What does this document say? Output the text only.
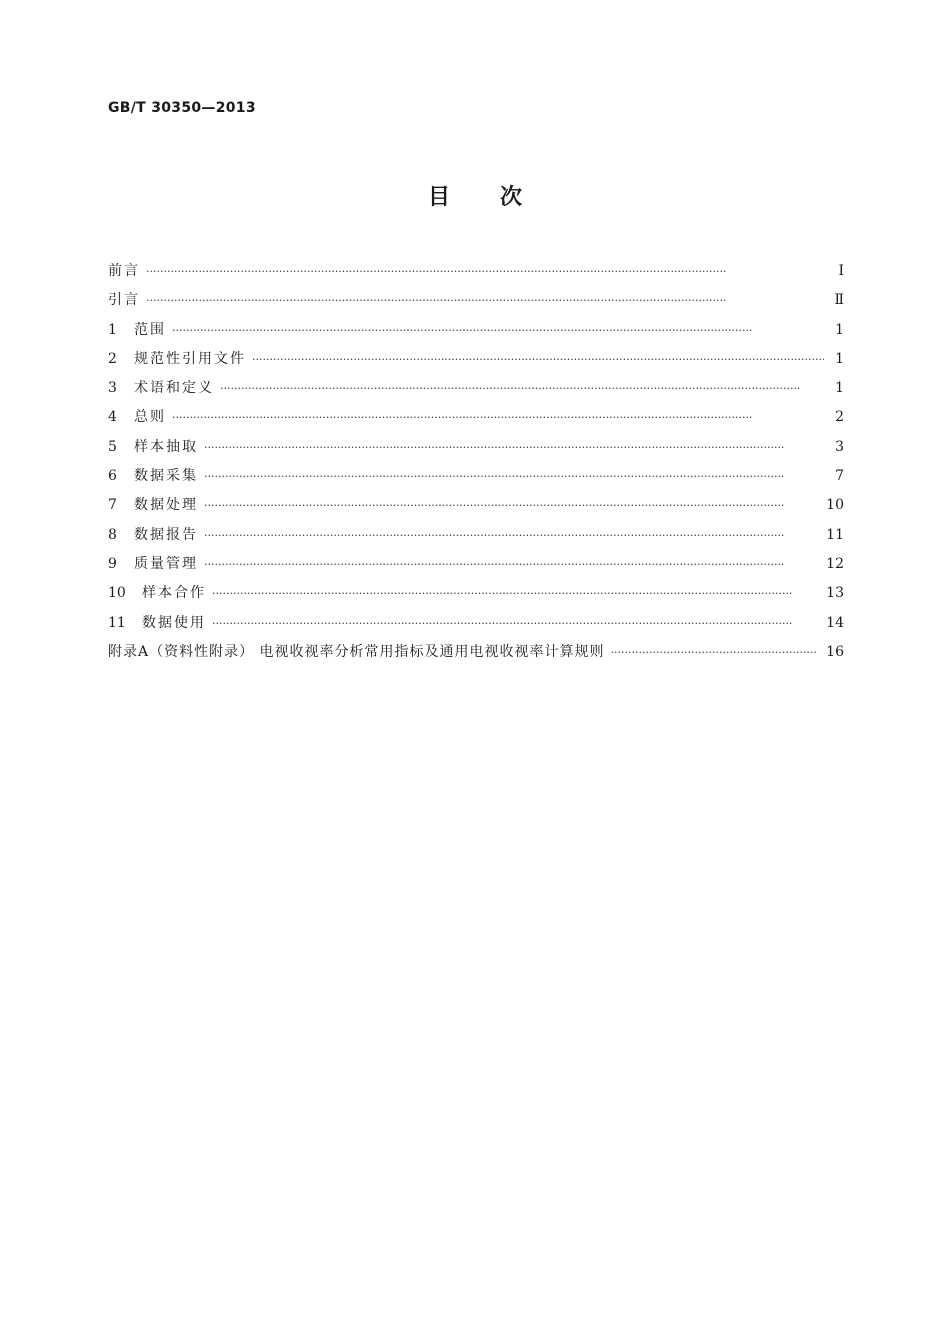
GB/T 30350—2013
目 次
前言 ·····	Ⅰ
引言 ·····	Ⅱ
1	范围 ·····	1
2	规范性引用文件 ·····	1
3	术语和定义 ·····	1
4	总则 ·····	2
5	样本抽取 ·····	3
6	数据采集 ·····	7
7	数据处理 ·····	10
8	数据报告 ·····	11
9	质量管理 ·····	12
10	样本合作 ·····	13
11	数据使用 ·····	14
附录A（资料性附录） 电视收视率分析常用指标及通用电视收视率计算规则 ·····	16
